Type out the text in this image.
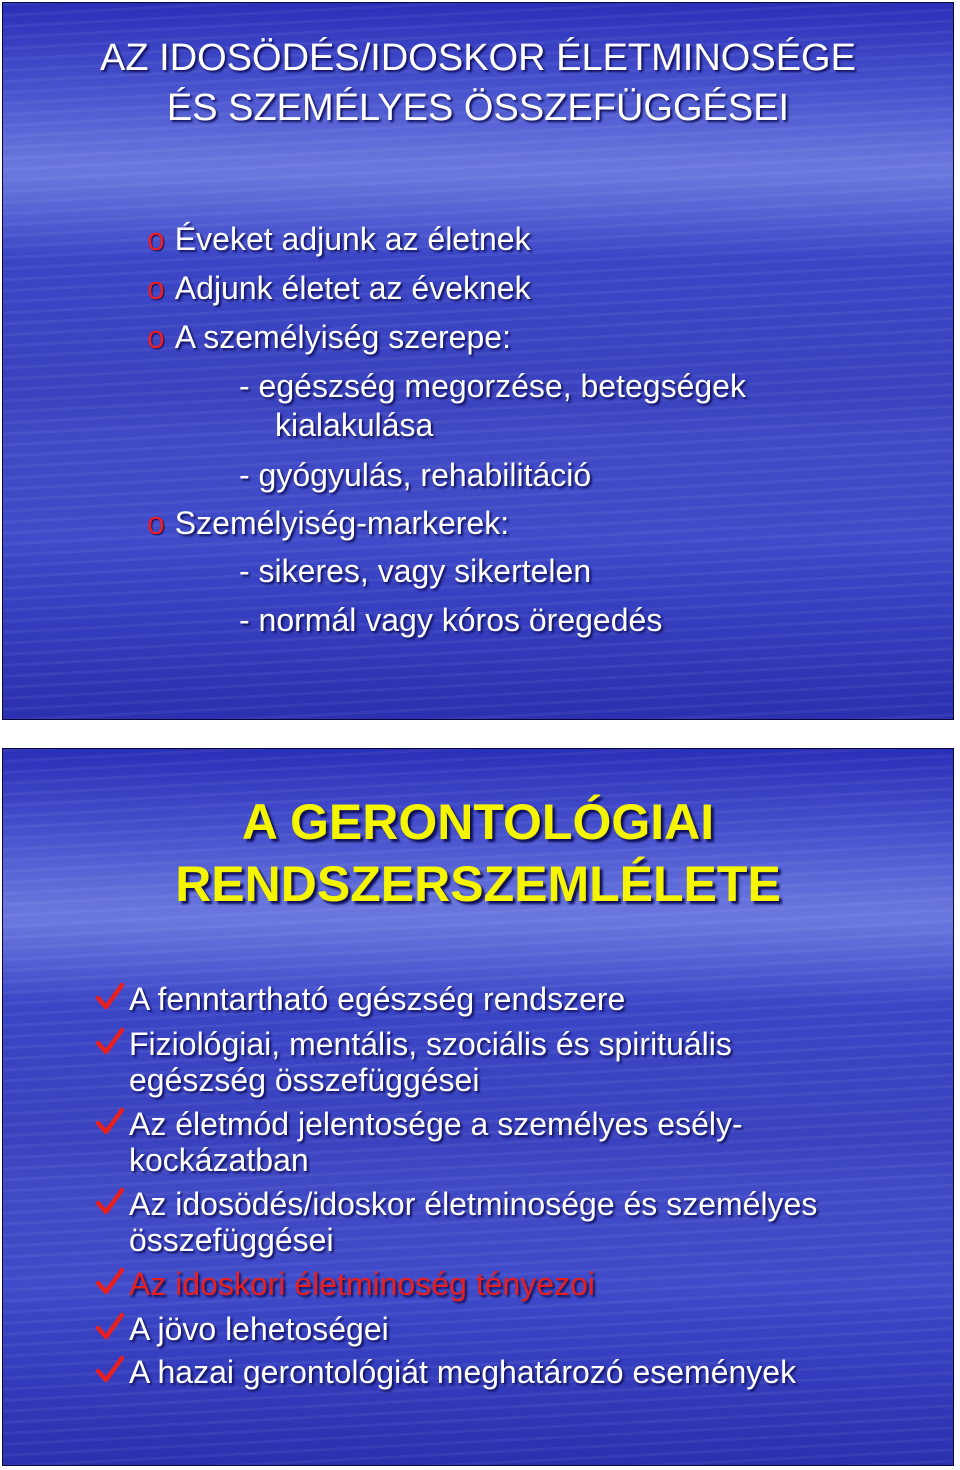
AZ IDOSÖDÉS/IDOSKOR ÉLETMINOSÉGE
ÉS SZEMÉLYES ÖSSZEFÜGGÉSEI
o Éveket adjunk az életnek
o Adjunk életet az éveknek
o A személyiség szerepe:
- egészség megorzése, betegségek
kialakulása
- gyógyulás, rehabilitáció
o Személyiség-markerek:
- sikeres, vagy sikertelen
- normál vagy kóros öregedés
A GERONTOLÓGIAI
RENDSZERSZEMLÉLETE
A fenntartható egészség rendszere
Fiziológiai, mentális, szociális és spirituális
egészség összefüggései
Az életmód jelentosége a személyes esély-
kockázatban
Az idosödés/idoskor életminosége és személyes
összefüggései
Az idoskori életminoség tényezoi
A jövo lehetoségei
A hazai gerontológiát meghatározó események
